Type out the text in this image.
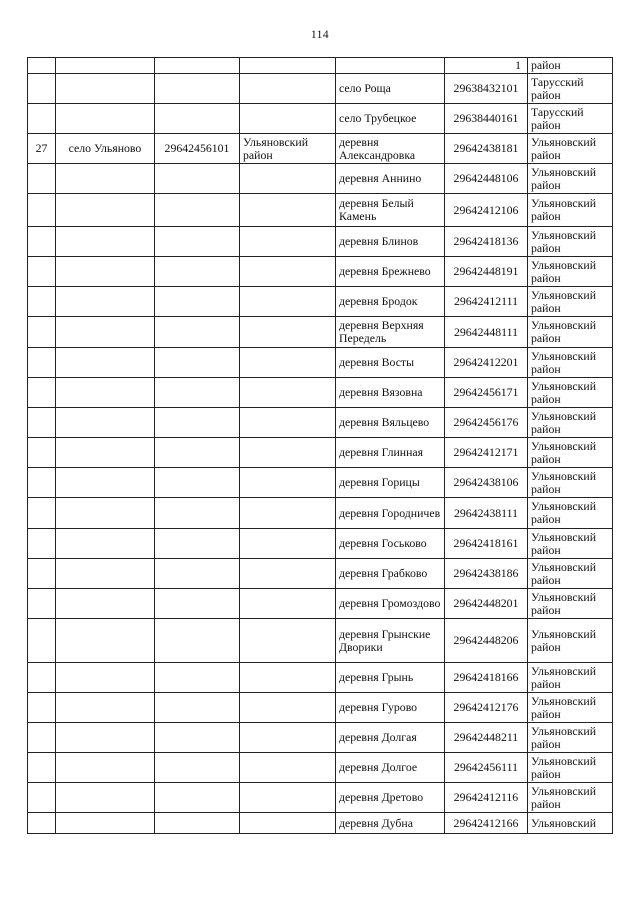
114
					1	район
				село Роща	29638432101	Тарусский район
				село Трубецкое	29638440161	Тарусский район
27	село Ульяново	29642456101	Ульяновский район	деревня Александровка	29642438181	Ульяновский район
				деревня Аннино	29642448106	Ульяновский район
				деревня Белый Камень	29642412106	Ульяновский район
				деревня Блинов	29642418136	Ульяновский район
				деревня Брежнево	29642448191	Ульяновский район
				деревня Бродок	29642412111	Ульяновский район
				деревня Верхняя Передель	29642448111	Ульяновский район
				деревня Восты	29642412201	Ульяновский район
				деревня Вязовна	29642456171	Ульяновский район
				деревня Вяльцево	29642456176	Ульяновский район
				деревня Глинная	29642412171	Ульяновский район
				деревня Горицы	29642438106	Ульяновский район
				деревня Городничев	29642438111	Ульяновский район
				деревня Госьково	29642418161	Ульяновский район
				деревня Грабково	29642438186	Ульяновский район
				деревня Громоздово	29642448201	Ульяновский район
				деревня Грынские Дворики	29642448206	Ульяновский район
				деревня Грынь	29642418166	Ульяновский район
				деревня Гурово	29642412176	Ульяновский район
				деревня Долгая	29642448211	Ульяновский район
				деревня Долгое	29642456111	Ульяновский район
				деревня Дретово	29642412116	Ульяновский район
				деревня Дубна	29642412166	Ульяновский
